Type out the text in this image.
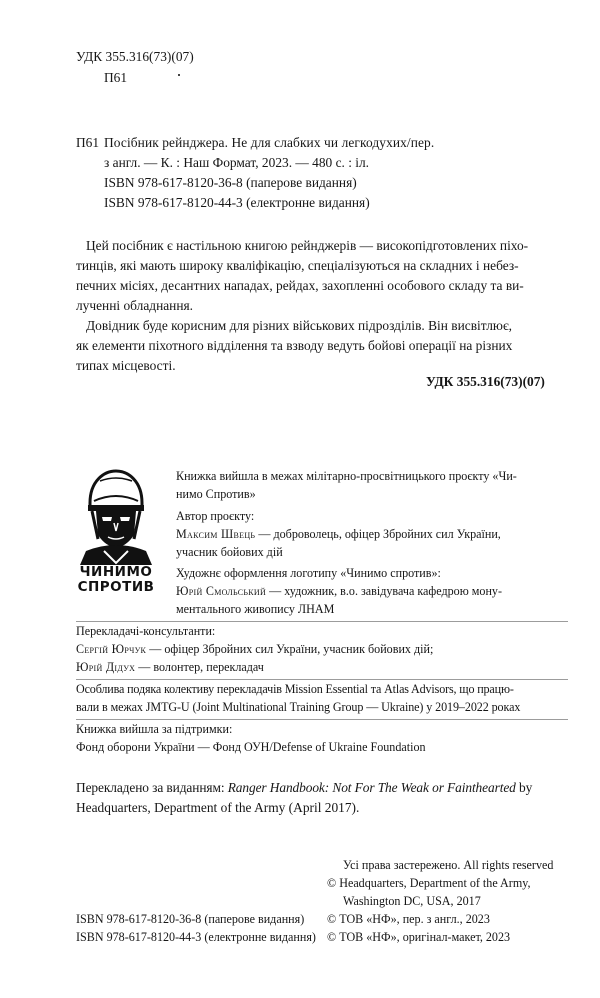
УДК 355.316(73)(07)
П61
П61 Посібник рейнджера. Не для слабких чи легкодухих/пер.
з англ. — К. : Наш Формат, 2023. — 480 с. : іл.
ISBN 978-617-8120-36-8 (паперове видання)
ISBN 978-617-8120-44-3 (електронне видання)
Цей посібник є настільною книгою рейнджерів — високопідготовлених піхо-
тинців, які мають широку кваліфікацію, спеціалізуються на складних і небез-
печних місіях, десантних нападах, рейдах, захопленні особового складу та ви-
лученні обладнання.
Довідник буде корисним для різних військових підрозділів. Він висвітлює,
як елементи піхотного відділення та взводу ведуть бойові операції на різних
типах місцевості.
УДК 355.316(73)(07)
ЧИНИМО
СПРОТИВ
Книжка вийшла в межах мілітарно-просвітницького проєкту «Чи-
нимо Спротив»
Автор проєкту:
Максим Швець — доброволець, офіцер Збройних сил України,
учасник бойових дій
Художнє оформлення логотипу «Чинимо спротив»:
Юрій Смольський — художник, в.о. завідувача кафедрою мону-
ментального живопису ЛНАМ
Перекладачі-консультанти:
Сергій Юрчук — офіцер Збройних сил України, учасник бойових дій;
Юрій Дідух — волонтер, перекладач
Особлива подяка колективу перекладачів Mission Essential та Atlas Advisors, що працю-
вали в межах JMTG-U (Joint Multinational Training Group — Ukraine) у 2019–2022 роках
Книжка вийшла за підтримки:
Фонд оборони України — Фонд ОУН/Defense of Ukraine Foundation
Перекладено за виданням: Ranger Handbook: Not For The Weak or Fainthearted by
Headquarters, Department of the Army (April 2017).
Усі права застережено. All rights reserved
© Headquarters, Department of the Army,
Washington DC, USA, 2017
© ТОВ «НФ», пер. з англ., 2023
© ТОВ «НФ», оригінал-макет, 2023
ISBN 978-617-8120-36-8 (паперове видання)
ISBN 978-617-8120-44-3 (електронне видання)
